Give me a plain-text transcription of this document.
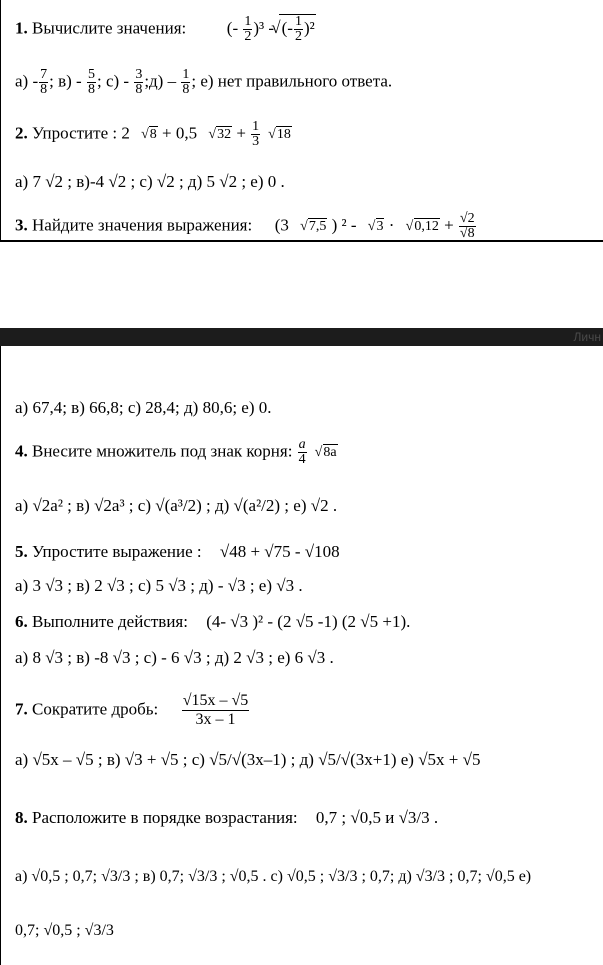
1. Вычислите значения: (- $\frac{1}{2} )^3$ - √ (- $\frac{1}{2} )^2$
$а) - \frac{7}{8}$ ; $в) - \frac{5}{8}$ ; $с) - \frac{3}{8}$ ;д) – $\frac{1}{8}$ ; е) нет правильного ответа.
2. Упростите : 2 √ 8 + 0,5 √ $32 + \frac{1}{3}$ √ 18
а) 7 √2 ; в)-4 √2 ; с) √2 ; д) 5 √2 ; е) 0 .
3. Найдите значения выражения: (3 √ 7,5 ) ² - √ 3 · √ $0,12 + \frac{√2}{√8}$
Личн
а) 67,4; в) 66,8; с) 28,4; д) 80,6; е) 0.
4. Внесите множитель под знак корня: $\frac{a}{4}$ √ 8a
а) √2a² ; в) √2a³ ; с) √(a³/2) ; д) √(a²/2) ; е) √2 .
5. Упростите выражение : √48 + √75 - √108
а) 3 √3 ; в) 2 √3 ; с) 5 √3 ; д) - √3 ; е) √3 .
6. Выполните действия: (4- √3 )² - (2 √5 -1) (2 √5 +1).
а) 8 √3 ; в) -8 √3 ; с) - 6 √3 ; д) 2 √3 ; е) 6 √3 .
7. Сократите дробь: $\frac{√15x - √5}{3x - 1}$
а) √5x – √5 ; в) √3 + √5 ; с) √5/√(3x–1) ; д) √5/√(3x+1) е) √5x + √5
8. Расположите в порядке возрастания: 0,7 ; √0,5 и √3/3 .
а) √0,5 ; 0,7; √3/3 ; в) 0,7; √3/3 ; √0,5 . с) √0,5 ; √3/3 ; 0,7; д) √3/3 ; 0,7; √0,5 е)
0,7; √0,5 ; √3/3
